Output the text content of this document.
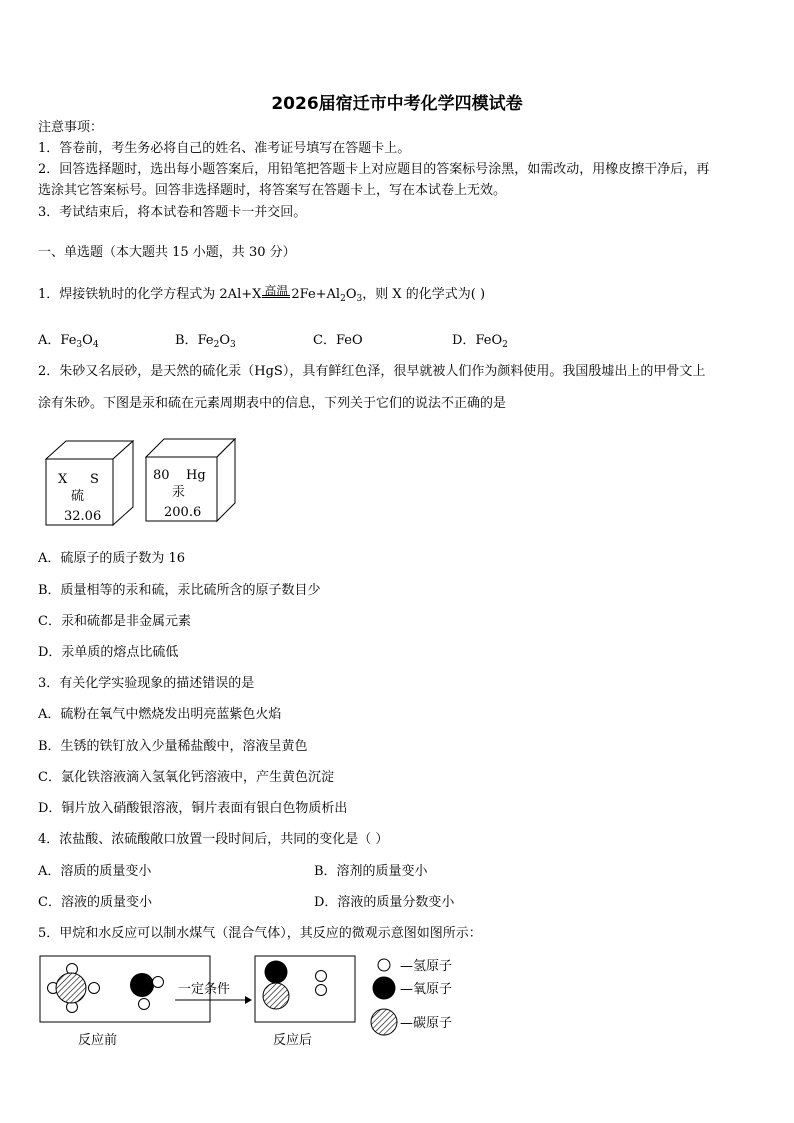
2026届宿迁市中考化学四模试卷
注意事项：
1．答卷前，考生务必将自己的姓名、准考证号填写在答题卡上。
2．回答选择题时，选出每小题答案后，用铅笔把答题卡上对应题目的答案标号涂黑，如需改动，用橡皮擦干净后，再
选涂其它答案标号。回答非选择题时，将答案写在答题卡上，写在本试卷上无效。
3．考试结束后，将本试卷和答题卡一并交回。
一、单选题（本大题共 15 小题，共 30 分）
1．焊接铁轨时的化学方程式为 2Al+X 高温 $2Fe+Al_2O_3$，则 X 的化学式为( )
A．$Fe_3O_4$	B．$Fe_2O_3$	C．FeO	D．FeO$_2$
2．朱砂又名辰砂，是天然的硫化汞（HgS），具有鲜红色泽，很早就被人们作为颜料使用。我国殷墟出上的甲骨文上
涂有朱砂。下图是汞和硫在元素周期表中的信息，下列关于它们的说法不正确的是
X S
硫
32.06
80 Hg
汞
200.6
A．硫原子的质子数为 16
B．质量相等的汞和硫，汞比硫所含的原子数目少
C．汞和硫都是非金属元素
D．汞单质的熔点比硫低
3．有关化学实验现象的描述错误的是
A．硫粉在氧气中燃烧发出明亮蓝紫色火焰
B．生锈的铁钉放入少量稀盐酸中，溶液呈黄色
C．氯化铁溶液滴入氢氧化钙溶液中，产生黄色沉淀
D．铜片放入硝酸银溶液，铜片表面有银白色物质析出
4．浓盐酸、浓硫酸敞口放置一段时间后，共同的变化是（ ）
A．溶质的质量变小	B．溶剂的质量变小
C．溶液的质量变小	D．溶液的质量分数变小
5．甲烷和水反应可以制水煤气（混合气体），其反应的微观示意图如图所示：
一定条件
反应前	反应后
—氢原子
—氧原子
—碳原子
